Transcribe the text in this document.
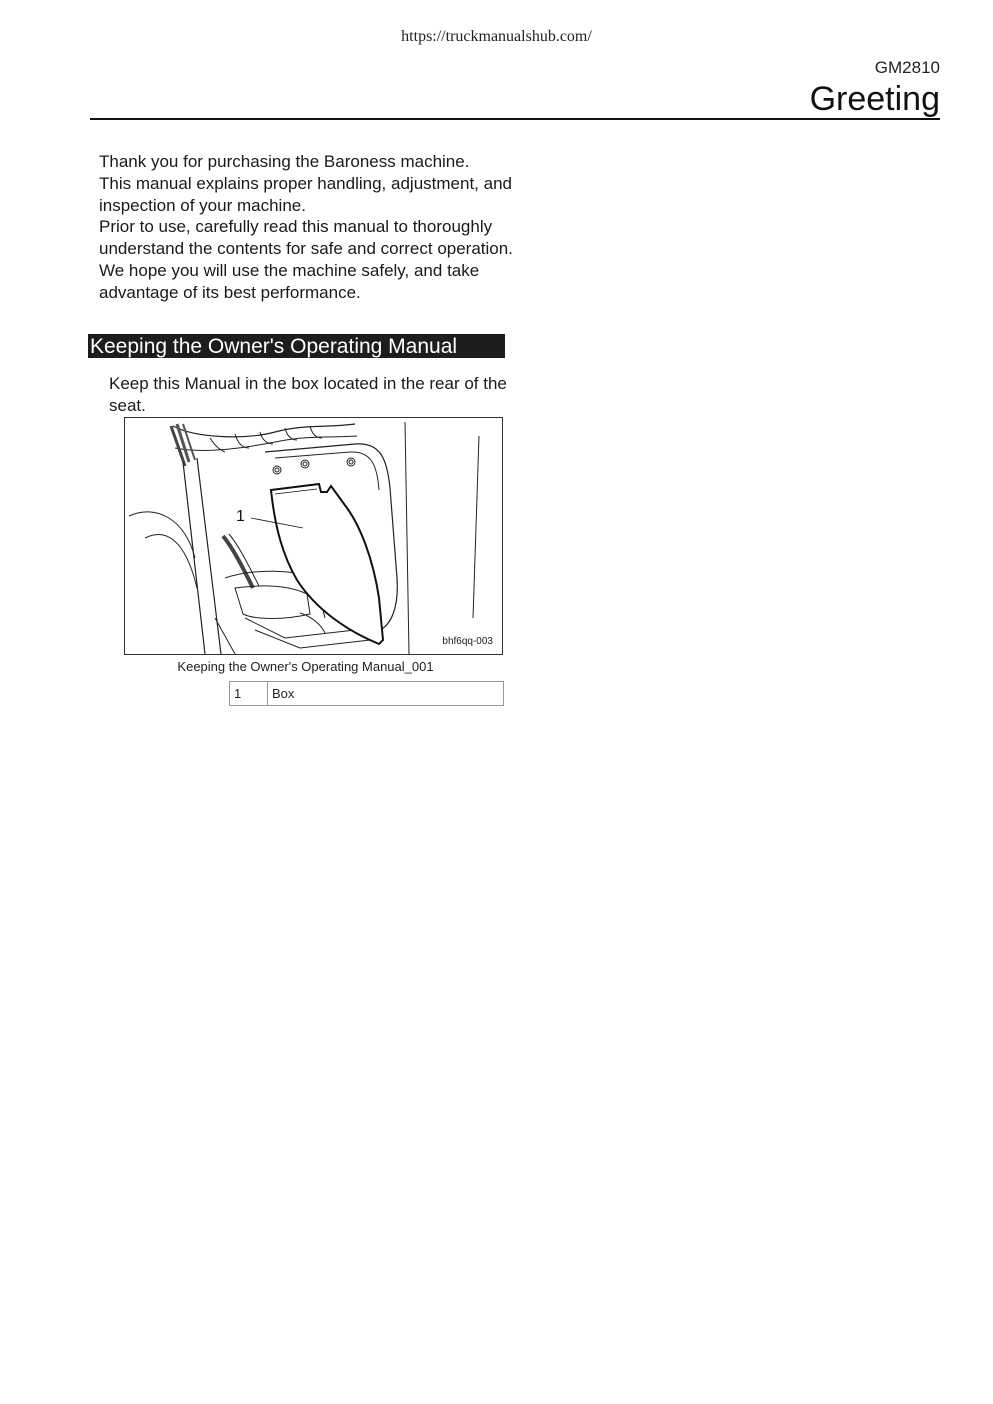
https://truckmanualshub.com/
GM2810
Greeting

Thank you for purchasing the Baroness machine.

This manual explains proper handling, adjustment, and inspection of your machine.

Prior to use, carefully read this manual to thoroughly understand the contents for safe and correct operation.

We hope you will use the machine safely, and take advantage of its best performance.

Keeping the Owner's Operating Manual

Keep this Manual in the box located in the rear of the seat.

1
bhf6qq-003
Keeping the Owner's Operating Manual_001
1	Box
